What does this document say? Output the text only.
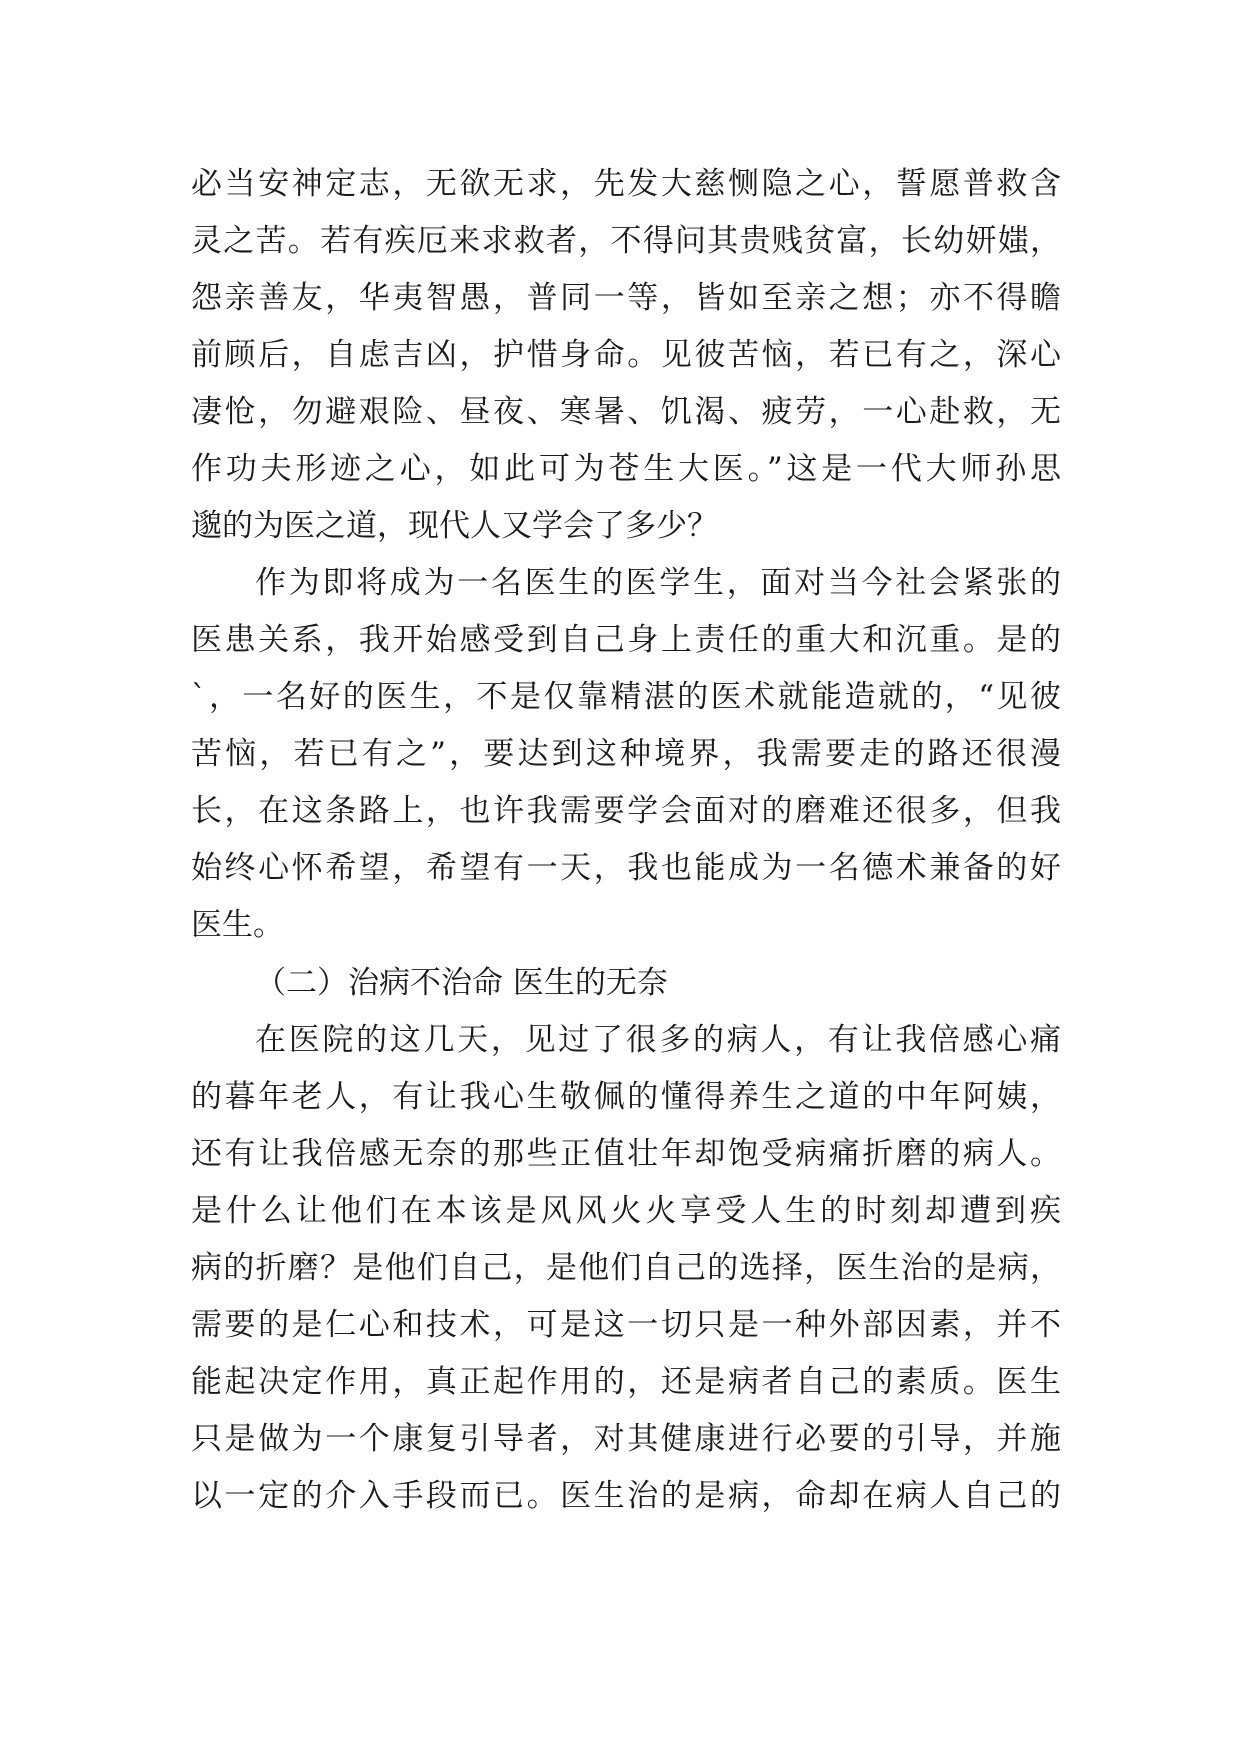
必当安神定志，无欲无求，先发大慈恻隐之心，誓愿普救含
灵之苦。若有疾厄来求救者，不得问其贵贱贫富，长幼妍媸，
怨亲善友，华夷智愚，普同一等，皆如至亲之想；亦不得瞻
前顾后，自虑吉凶，护惜身命。见彼苦恼，若已有之，深心
凄怆，勿避艰险、昼夜、寒暑、饥渴、疲劳，一心赴救，无
作功夫形迹之心，如此可为苍生大医。”这是一代大师孙思
邈的为医之道，现代人又学会了多少？
作为即将成为一名医生的医学生，面对当今社会紧张的
医患关系，我开始感受到自己身上责任的重大和沉重。是的
`，一名好的医生，不是仅靠精湛的医术就能造就的，“见彼
苦恼，若已有之”，要达到这种境界，我需要走的路还很漫
长，在这条路上，也许我需要学会面对的磨难还很多，但我
始终心怀希望，希望有一天，我也能成为一名德术兼备的好
医生。
（二）治病不治命 医生的无奈
在医院的这几天，见过了很多的病人，有让我倍感心痛
的暮年老人，有让我心生敬佩的懂得养生之道的中年阿姨，
还有让我倍感无奈的那些正值壮年却饱受病痛折磨的病人。
是什么让他们在本该是风风火火享受人生的时刻却遭到疾
病的折磨？是他们自己，是他们自己的选择，医生治的是病，
需要的是仁心和技术，可是这一切只是一种外部因素，并不
能起决定作用，真正起作用的，还是病者自己的素质。医生
只是做为一个康复引导者，对其健康进行必要的引导，并施
以一定的介入手段而已。医生治的是病，命却在病人自己的
